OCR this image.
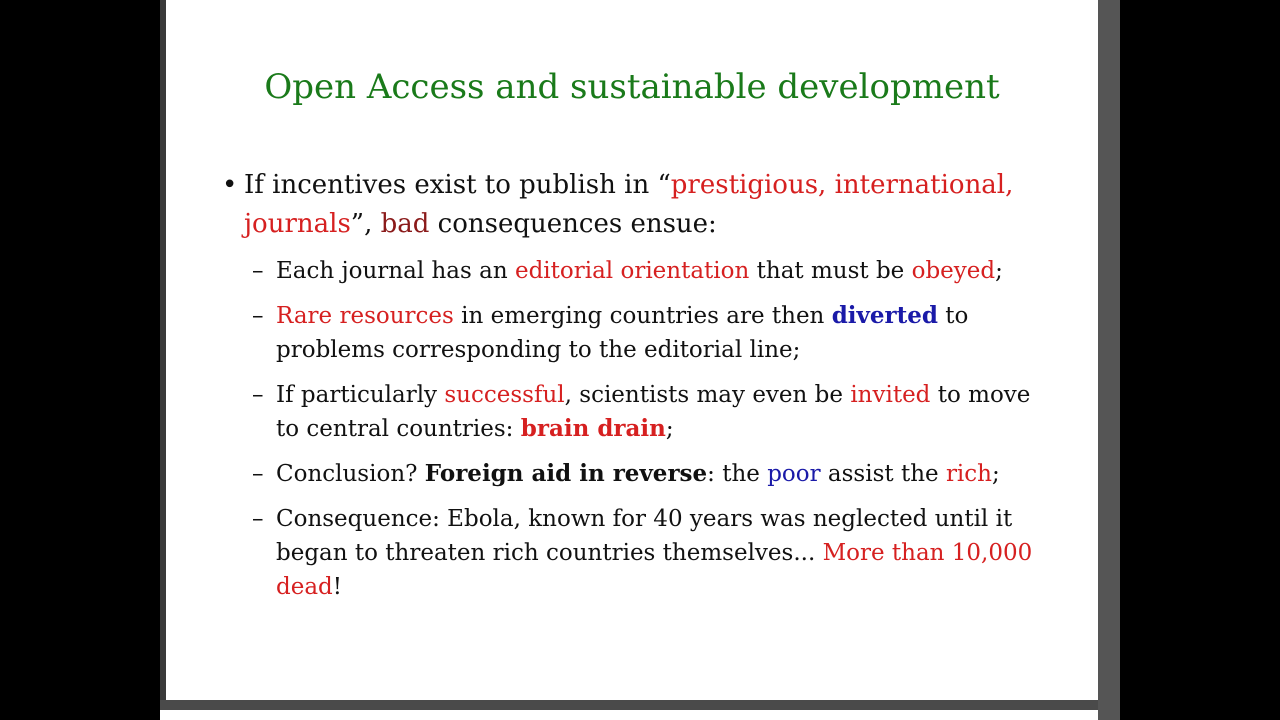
Open Access and sustainable development
• If incentives exist to publish in “prestigious, international, journals”, bad consequences ensue:
– Each journal has an editorial orientation that must be obeyed;
– Rare resources in emerging countries are then diverted to problems corresponding to the editorial line;
– If particularly successful, scientists may even be invited to move to central countries: brain drain;
– Conclusion? Foreign aid in reverse: the poor assist the rich;
– Consequence: Ebola, known for 40 years was neglected until it began to threaten rich countries themselves... More than 10,000 dead!
